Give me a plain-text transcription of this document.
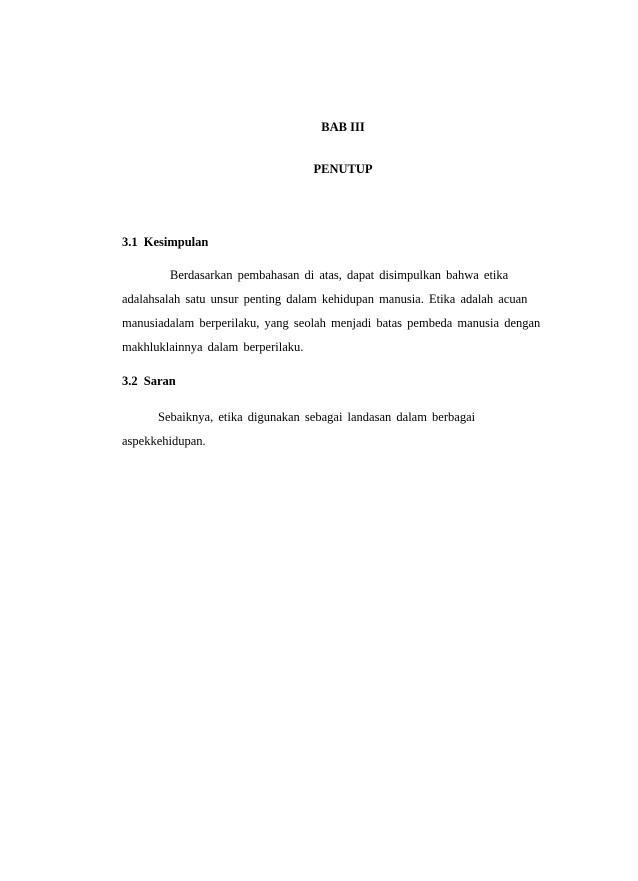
BAB III
PENUTUP
3.1 Kesimpulan
Berdasarkan pembahasan di atas, dapat disimpulkan bahwa etika
adalahsalah satu unsur penting dalam kehidupan manusia. Etika adalah acuan
manusiadalam berperilaku, yang seolah menjadi batas pembeda manusia dengan
makhluklainnya dalam berperilaku.
3.2 Saran
Sebaiknya, etika digunakan sebagai landasan dalam berbagai
aspekkehidupan.
